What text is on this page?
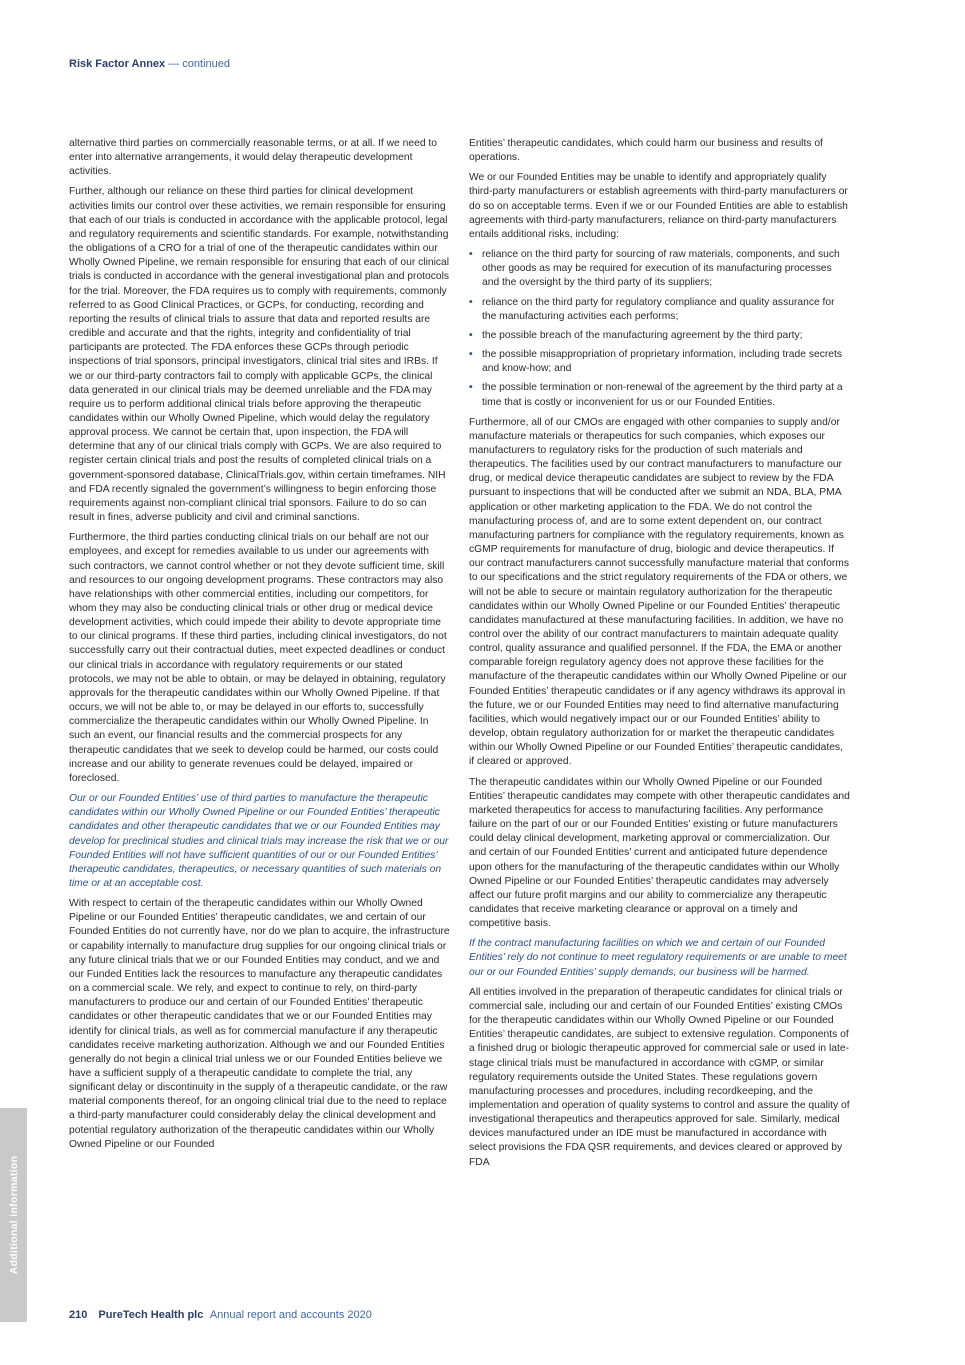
Risk Factor Annex — continued

alternative third parties on commercially reasonable terms, or at all. If we need to enter into alternative arrangements, it would delay therapeutic development activities.

Further, although our reliance on these third parties for clinical development activities limits our control over these activities, we remain responsible for ensuring that each of our trials is conducted in accordance with the applicable protocol, legal and regulatory requirements and scientific standards. For example, notwithstanding the obligations of a CRO for a trial of one of the therapeutic candidates within our Wholly Owned Pipeline, we remain responsible for ensuring that each of our clinical trials is conducted in accordance with the general investigational plan and protocols for the trial. Moreover, the FDA requires us to comply with requirements, commonly referred to as Good Clinical Practices, or GCPs, for conducting, recording and reporting the results of clinical trials to assure that data and reported results are credible and accurate and that the rights, integrity and confidentiality of trial participants are protected. The FDA enforces these GCPs through periodic inspections of trial sponsors, principal investigators, clinical trial sites and IRBs. If we or our third-party contractors fail to comply with applicable GCPs, the clinical data generated in our clinical trials may be deemed unreliable and the FDA may require us to perform additional clinical trials before approving the therapeutic candidates within our Wholly Owned Pipeline, which would delay the regulatory approval process. We cannot be certain that, upon inspection, the FDA will determine that any of our clinical trials comply with GCPs. We are also required to register certain clinical trials and post the results of completed clinical trials on a government-sponsored database, ClinicalTrials.gov, within certain timeframes. NIH and FDA recently signaled the government’s willingness to begin enforcing those requirements against non-compliant clinical trial sponsors. Failure to do so can result in fines, adverse publicity and civil and criminal sanctions.

Furthermore, the third parties conducting clinical trials on our behalf are not our employees, and except for remedies available to us under our agreements with such contractors, we cannot control whether or not they devote sufficient time, skill and resources to our ongoing development programs. These contractors may also have relationships with other commercial entities, including our competitors, for whom they may also be conducting clinical trials or other drug or medical device development activities, which could impede their ability to devote appropriate time to our clinical programs. If these third parties, including clinical investigators, do not successfully carry out their contractual duties, meet expected deadlines or conduct our clinical trials in accordance with regulatory requirements or our stated protocols, we may not be able to obtain, or may be delayed in obtaining, regulatory approvals for the therapeutic candidates within our Wholly Owned Pipeline. If that occurs, we will not be able to, or may be delayed in our efforts to, successfully commercialize the therapeutic candidates within our Wholly Owned Pipeline. In such an event, our financial results and the commercial prospects for any therapeutic candidates that we seek to develop could be harmed, our costs could increase and our ability to generate revenues could be delayed, impaired or foreclosed.

Our or our Founded Entities’ use of third parties to manufacture the therapeutic candidates within our Wholly Owned Pipeline or our Founded Entities’ therapeutic candidates and other therapeutic candidates that we or our Founded Entities may develop for preclinical studies and clinical trials may increase the risk that we or our Founded Entities will not have sufficient quantities of our or our Founded Entities’ therapeutic candidates, therapeutics, or necessary quantities of such materials on time or at an acceptable cost.

With respect to certain of the therapeutic candidates within our Wholly Owned Pipeline or our Founded Entities’ therapeutic candidates, we and certain of our Founded Entities do not currently have, nor do we plan to acquire, the infrastructure or capability internally to manufacture drug supplies for our ongoing clinical trials or any future clinical trials that we or our Founded Entities may conduct, and we and our Funded Entities lack the resources to manufacture any therapeutic candidates on a commercial scale. We rely, and expect to continue to rely, on third-party manufacturers to produce our and certain of our Founded Entities’ therapeutic candidates or other therapeutic candidates that we or our Founded Entities may identify for clinical trials, as well as for commercial manufacture if any therapeutic candidates receive marketing authorization. Although we and our Founded Entities generally do not begin a clinical trial unless we or our Founded Entities believe we have a sufficient supply of a therapeutic candidate to complete the trial, any significant delay or discontinuity in the supply of a therapeutic candidate, or the raw material components thereof, for an ongoing clinical trial due to the need to replace a third-party manufacturer could considerably delay the clinical development and potential regulatory authorization of the therapeutic candidates within our Wholly Owned Pipeline or our Founded

Entities’ therapeutic candidates, which could harm our business and results of operations.

We or our Founded Entities may be unable to identify and appropriately qualify third-party manufacturers or establish agreements with third-party manufacturers or do so on acceptable terms. Even if we or our Founded Entities are able to establish agreements with third-party manufacturers, reliance on third-party manufacturers entails additional risks, including:

• reliance on the third party for sourcing of raw materials, components, and such other goods as may be required for execution of its manufacturing processes and the oversight by the third party of its suppliers;
• reliance on the third party for regulatory compliance and quality assurance for the manufacturing activities each performs;
• the possible breach of the manufacturing agreement by the third party;
• the possible misappropriation of proprietary information, including trade secrets and know-how; and
• the possible termination or non-renewal of the agreement by the third party at a time that is costly or inconvenient for us or our Founded Entities.

Furthermore, all of our CMOs are engaged with other companies to supply and/or manufacture materials or therapeutics for such companies, which exposes our manufacturers to regulatory risks for the production of such materials and therapeutics. The facilities used by our contract manufacturers to manufacture our drug, or medical device therapeutic candidates are subject to review by the FDA pursuant to inspections that will be conducted after we submit an NDA, BLA, PMA application or other marketing application to the FDA. We do not control the manufacturing process of, and are to some extent dependent on, our contract manufacturing partners for compliance with the regulatory requirements, known as cGMP requirements for manufacture of drug, biologic and device therapeutics. If our contract manufacturers cannot successfully manufacture material that conforms to our specifications and the strict regulatory requirements of the FDA or others, we will not be able to secure or maintain regulatory authorization for the therapeutic candidates within our Wholly Owned Pipeline or our Founded Entities’ therapeutic candidates manufactured at these manufacturing facilities. In addition, we have no control over the ability of our contract manufacturers to maintain adequate quality control, quality assurance and qualified personnel. If the FDA, the EMA or another comparable foreign regulatory agency does not approve these facilities for the manufacture of the therapeutic candidates within our Wholly Owned Pipeline or our Founded Entities’ therapeutic candidates or if any agency withdraws its approval in the future, we or our Founded Entities may need to find alternative manufacturing facilities, which would negatively impact our or our Founded Entities’ ability to develop, obtain regulatory authorization for or market the therapeutic candidates within our Wholly Owned Pipeline or our Founded Entities’ therapeutic candidates, if cleared or approved.

The therapeutic candidates within our Wholly Owned Pipeline or our Founded Entities’ therapeutic candidates may compete with other therapeutic candidates and marketed therapeutics for access to manufacturing facilities. Any performance failure on the part of our or our Founded Entities’ existing or future manufacturers could delay clinical development, marketing approval or commercialization. Our and certain of our Founded Entities’ current and anticipated future dependence upon others for the manufacturing of the therapeutic candidates within our Wholly Owned Pipeline or our Founded Entities’ therapeutic candidates may adversely affect our future profit margins and our ability to commercialize any therapeutic candidates that receive marketing clearance or approval on a timely and competitive basis.

If the contract manufacturing facilities on which we and certain of our Founded Entities’ rely do not continue to meet regulatory requirements or are unable to meet our or our Founded Entities’ supply demands, our business will be harmed.

All entities involved in the preparation of therapeutic candidates for clinical trials or commercial sale, including our and certain of our Founded Entities’ existing CMOs for the therapeutic candidates within our Wholly Owned Pipeline or our Founded Entities’ therapeutic candidates, are subject to extensive regulation. Components of a finished drug or biologic therapeutic approved for commercial sale or used in late-stage clinical trials must be manufactured in accordance with cGMP, or similar regulatory requirements outside the United States. These regulations govern manufacturing processes and procedures, including recordkeeping, and the implementation and operation of quality systems to control and assure the quality of investigational therapeutics and therapeutics approved for sale. Similarly, medical devices manufactured under an IDE must be manufactured in accordance with select provisions the FDA QSR requirements, and devices cleared or approved by FDA

Additional information
210 PureTech Health plc Annual report and accounts 2020
